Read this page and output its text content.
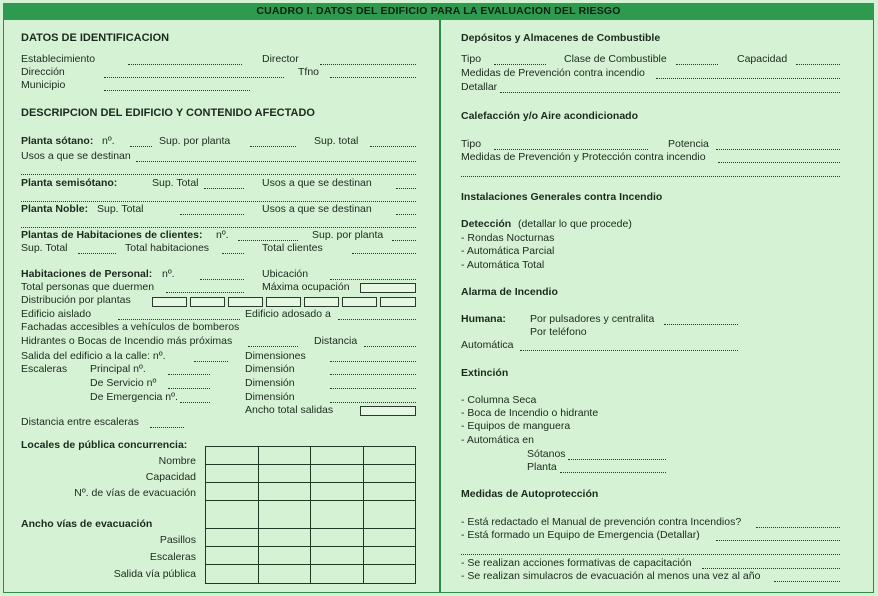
CUADRO I. DATOS DEL EDIFICIO PARA LA EVALUACION DEL RIESGO
DATOS DE IDENTIFICACION
Establecimiento	Director
Dirección	Tfno
Municipio
DESCRIPCION DEL EDIFICIO Y CONTENIDO AFECTADO
Planta sótano: nº.	Sup. por planta	Sup. total
Usos a que se destinan
Planta semisótano:	Sup. Total	Usos a que se destinan
Planta Noble: Sup. Total	Usos a que se destinan
Plantas de Habitaciones de clientes: nº.	Sup. por planta
Sup. Total	Total habitaciones	Total clientes
Habitaciones de Personal: nº.	Ubicación
Total personas que duermen	Máxima ocupación
Distribución por plantas
Edificio aislado	Edificio adosado a
Fachadas accesibles a vehículos de bomberos
Hidrantes o Bocas de Incendio más próximas	Distancia
Salida del edificio a la calle: nº.	Dimensiones
Escaleras Principal nº.	Dimensión
De Servicio nº	Dimensión
De Emergencia nº.	Dimensión
Ancho total salidas
Distancia entre escaleras
Locales de pública concurrencia:
Nombre
Capacidad
Nº. de vías de evacuación

Ancho vías de evacuación
Pasillos
Escaleras
Salida vía pública

Depósitos y Almacenes de Combustible
Tipo	Clase de Combustible	Capacidad
Medidas de Prevención contra incendio
Detallar
Calefacción y/o Aire acondicionado
Tipo	Potencia
Medidas de Prevención y Protección contra incendio
Instalaciones Generales contra Incendio
Detección (detallar lo que procede)
- Rondas Nocturnas
- Automática Parcial
- Automática Total
Alarma de Incendio
Humana: Por pulsadores y centralita
Por teléfono
Automática
Extinción
- Columna Seca
- Boca de Incendio o hidrante
- Equipos de manguera
- Automática en
Sótanos
Planta
Medidas de Autoprotección
- Está redactado el Manual de prevención contra Incendios?
- Está formado un Equipo de Emergencia (Detallar)
- Se realizan acciones formativas de capacitación
- Se realizan simulacros de evacuación al menos una vez al año
